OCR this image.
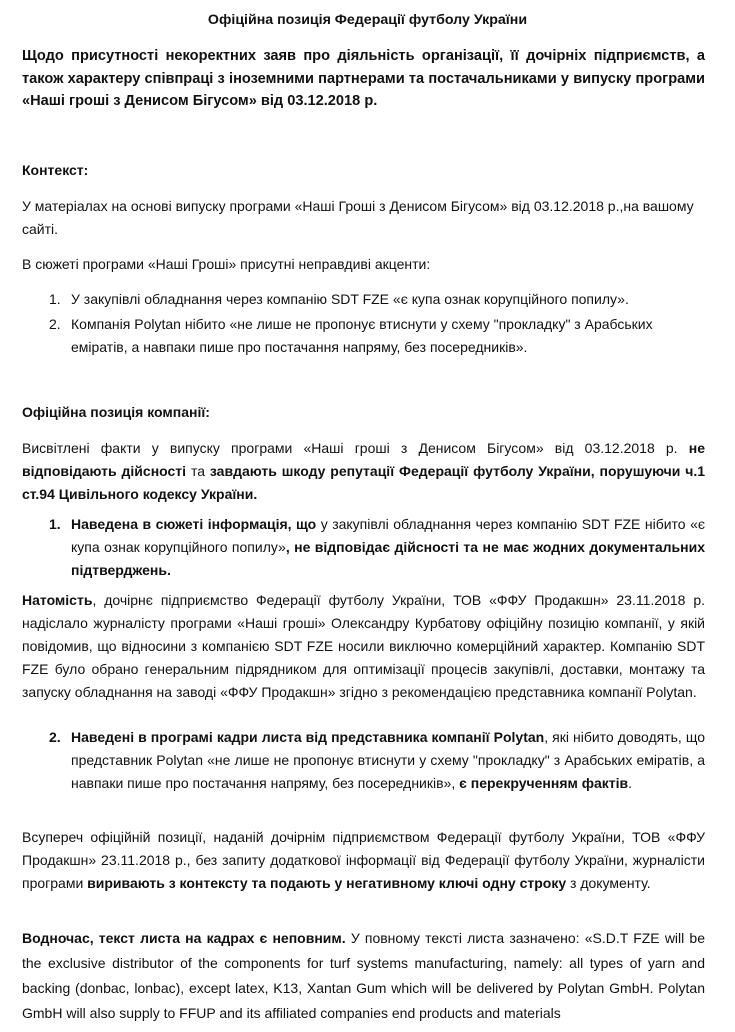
Офіційна позиція Федерації футболу України
Щодо присутності некоректних заяв про діяльність організації, її дочірніх підприємств, а також характеру співпраці з іноземними партнерами та постачальниками у випуску програми «Наші гроші з Денисом Бігусом» від 03.12.2018 р.
Контекст:
У матеріалах на основі випуску програми «Наші Гроші з Денисом Бігусом» від 03.12.2018 р.,на вашому сайті.
В сюжеті програми «Наші Гроші» присутні неправдиві акценти:
1. У закупівлі обладнання через компанію SDT FZE «є купа ознак корупційного попилу».
2. Компанія Polytan нібито «не лише не пропонує втиснути у схему "прокладку" з Арабських еміратів, а навпаки пише про постачання напряму, без посередників».
Офіційна позиція компанії:
Висвітлені факти у випуску програми «Наші гроші з Денисом Бігусом» від 03.12.2018 р. не відповідають дійсності та завдають шкоду репутації Федерації футболу України, порушуючи ч.1 ст.94 Цивільного кодексу України.
1. Наведена в сюжеті інформація, що у закупівлі обладнання через компанію SDT FZE нібито «є купа ознак корупційного попилу», не відповідає дійсності та не має жодних документальних підтверджень.
Натомість, дочірнє підприємство Федерації футболу України, ТОВ «ФФУ Продакшн» 23.11.2018 р. надіслало журналісту програми «Наші гроші» Олександру Курбатову офіційну позицію компанії, у якій повідомив, що відносини з компанією SDT FZE носили виключно комерційний характер. Компанію SDT FZE було обрано генеральним підрядником для оптимізації процесів закупівлі, доставки, монтажу та запуску обладнання на заводі «ФФУ Продакшн» згідно з рекомендацією представника компанії Polytan.
2. Наведені в програмі кадри листа від представника компанії Polytan, які нібито доводять, що представник Polytan «не лише не пропонує втиснути у схему "прокладку" з Арабських еміратів, а навпаки пише про постачання напряму, без посередників», є перекрученням фактів.
Всупереч офіційній позиції, наданій дочірнім підприємством Федерації футболу України, ТОВ «ФФУ Продакшн» 23.11.2018 р., без запиту додаткової інформації від Федерації футболу України, журналісти програми виривають з контексту та подають у негативному ключі одну строку з документу.
Водночас, текст листа на кадрах є неповним. У повному тексті листа зазначено: «S.D.T FZE will be the exclusive distributor of the components for turf systems manufacturing, namely: all types of yarn and backing (donbac, lonbac), except latex, K13, Xantan Gum which will be delivered by Polytan GmbH. Polytan GmbH will also supply to FFUP and its affiliated companies end products and materials
